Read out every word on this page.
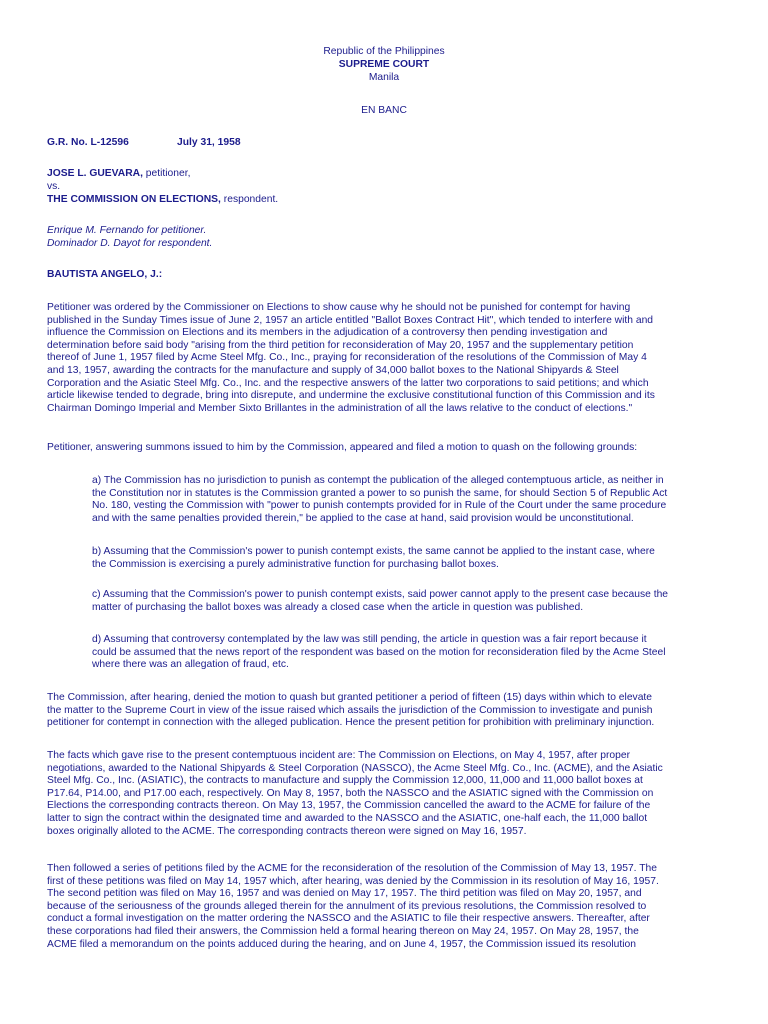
Republic of the Philippines
SUPREME COURT
Manila
EN BANC
G.R. No. L-12596	July 31, 1958
JOSE L. GUEVARA, petitioner,
vs.
THE COMMISSION ON ELECTIONS, respondent.
Enrique M. Fernando for petitioner.
Dominador D. Dayot for respondent.
BAUTISTA ANGELO, J.:
Petitioner was ordered by the Commissioner on Elections to show cause why he should not be punished for contempt for having
published in the Sunday Times issue of June 2, 1957 an article entitled "Ballot Boxes Contract Hit", which tended to interfere with and
influence the Commission on Elections and its members in the adjudication of a controversy then pending investigation and
determination before said body "arising from the third petition for reconsideration of May 20, 1957 and the supplementary petition
thereof of June 1, 1957 filed by Acme Steel Mfg. Co., Inc., praying for reconsideration of the resolutions of the Commission of May 4
and 13, 1957, awarding the contracts for the manufacture and supply of 34,000 ballot boxes to the National Shipyards & Steel
Corporation and the Asiatic Steel Mfg. Co., Inc. and the respective answers of the latter two corporations to said petitions; and which
article likewise tended to degrade, bring into disrepute, and undermine the exclusive constitutional function of this Commission and its
Chairman Domingo Imperial and Member Sixto Brillantes in the administration of all the laws relative to the conduct of elections."
Petitioner, answering summons issued to him by the Commission, appeared and filed a motion to quash on the following grounds:
a) The Commission has no jurisdiction to punish as contempt the publication of the alleged contemptuous article, as neither in
the Constitution nor in statutes is the Commission granted a power to so punish the same, for should Section 5 of Republic Act
No. 180, vesting the Commission with "power to punish contempts provided for in Rule of the Court under the same procedure
and with the same penalties provided therein," be applied to the case at hand, said provision would be unconstitutional.
b) Assuming that the Commission's power to punish contempt exists, the same cannot be applied to the instant case, where
the Commission is exercising a purely administrative function for purchasing ballot boxes.
c) Assuming that the Commission's power to punish contempt exists, said power cannot apply to the present case because the
matter of purchasing the ballot boxes was already a closed case when the article in question was published.
d) Assuming that controversy contemplated by the law was still pending, the article in question was a fair report because it
could be assumed that the news report of the respondent was based on the motion for reconsideration filed by the Acme Steel
where there was an allegation of fraud, etc.
The Commission, after hearing, denied the motion to quash but granted petitioner a period of fifteen (15) days within which to elevate
the matter to the Supreme Court in view of the issue raised which assails the jurisdiction of the Commission to investigate and punish
petitioner for contempt in connection with the alleged publication. Hence the present petition for prohibition with preliminary injunction.
The facts which gave rise to the present contemptuous incident are: The Commission on Elections, on May 4, 1957, after proper
negotiations, awarded to the National Shipyards & Steel Corporation (NASSCO), the Acme Steel Mfg. Co., Inc. (ACME), and the Asiatic
Steel Mfg. Co., Inc. (ASIATIC), the contracts to manufacture and supply the Commission 12,000, 11,000 and 11,000 ballot boxes at
P17.64, P14.00, and P17.00 each, respectively. On May 8, 1957, both the NASSCO and the ASIATIC signed with the Commission on
Elections the corresponding contracts thereon. On May 13, 1957, the Commission cancelled the award to the ACME for failure of the
latter to sign the contract within the designated time and awarded to the NASSCO and the ASIATIC, one-half each, the 11,000 ballot
boxes originally alloted to the ACME. The corresponding contracts thereon were signed on May 16, 1957.
Then followed a series of petitions filed by the ACME for the reconsideration of the resolution of the Commission of May 13, 1957. The
first of these petitions was filed on May 14, 1957 which, after hearing, was denied by the Commission in its resolution of May 16, 1957.
The second petition was filed on May 16, 1957 and was denied on May 17, 1957. The third petition was filed on May 20, 1957, and
because of the seriousness of the grounds alleged therein for the annulment of its previous resolutions, the Commission resolved to
conduct a formal investigation on the matter ordering the NASSCO and the ASIATIC to file their respective answers. Thereafter, after
these corporations had filed their answers, the Commission held a formal hearing thereon on May 24, 1957. On May 28, 1957, the
ACME filed a memorandum on the points adduced during the hearing, and on June 4, 1957, the Commission issued its resolution
